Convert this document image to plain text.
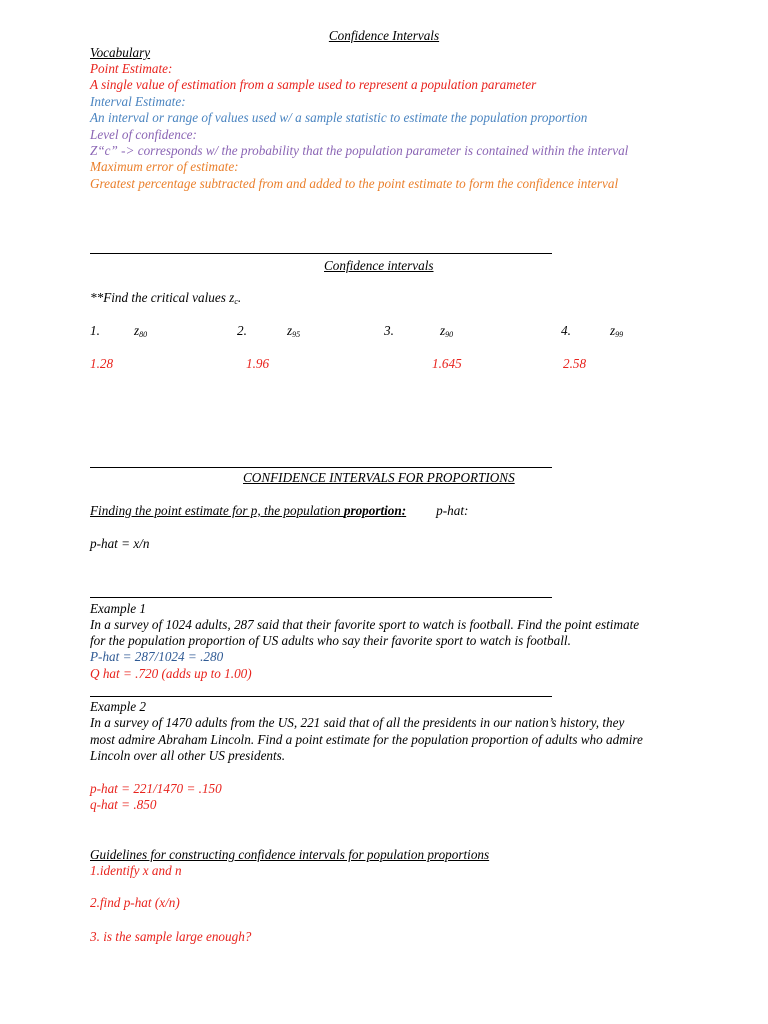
Confidence Intervals
Vocabulary
Point Estimate:
A single value of estimation from a sample used to represent a population parameter
Interval Estimate:
An interval or range of values used w/ a sample statistic to estimate the population proportion
Level of confidence:
Z“c” -> corresponds w/ the probability that the population parameter is contained within the interval
Maximum error of estimate:
Greatest percentage subtracted from and added to the point estimate to form the confidence interval
Confidence intervals
**Find the critical values $z_c$.
1.	$z_{80}$	2.	$z_{95}$	3.	$z_{90}$	4.	$z_{99}$
1.28	1.96	1.645	2.58
CONFIDENCE INTERVALS FOR PROPORTIONS
Finding the point estimate for p, the population proportion: p-hat:
p-hat = x/n
Example 1
In a survey of 1024 adults, 287 said that their favorite sport to watch is football. Find the point estimate
for the population proportion of US adults who say their favorite sport to watch is football.
P-hat = 287/1024 = .280
Q hat = .720 (adds up to 1.00)
Example 2
In a survey of 1470 adults from the US, 221 said that of all the presidents in our nation’s history, they
most admire Abraham Lincoln. Find a point estimate for the population proportion of adults who admire
Lincoln over all other US presidents.
p-hat = 221/1470 = .150
q-hat = .850
Guidelines for constructing confidence intervals for population proportions
1.identify x and n
2.find p-hat (x/n)
3. is the sample large enough?
